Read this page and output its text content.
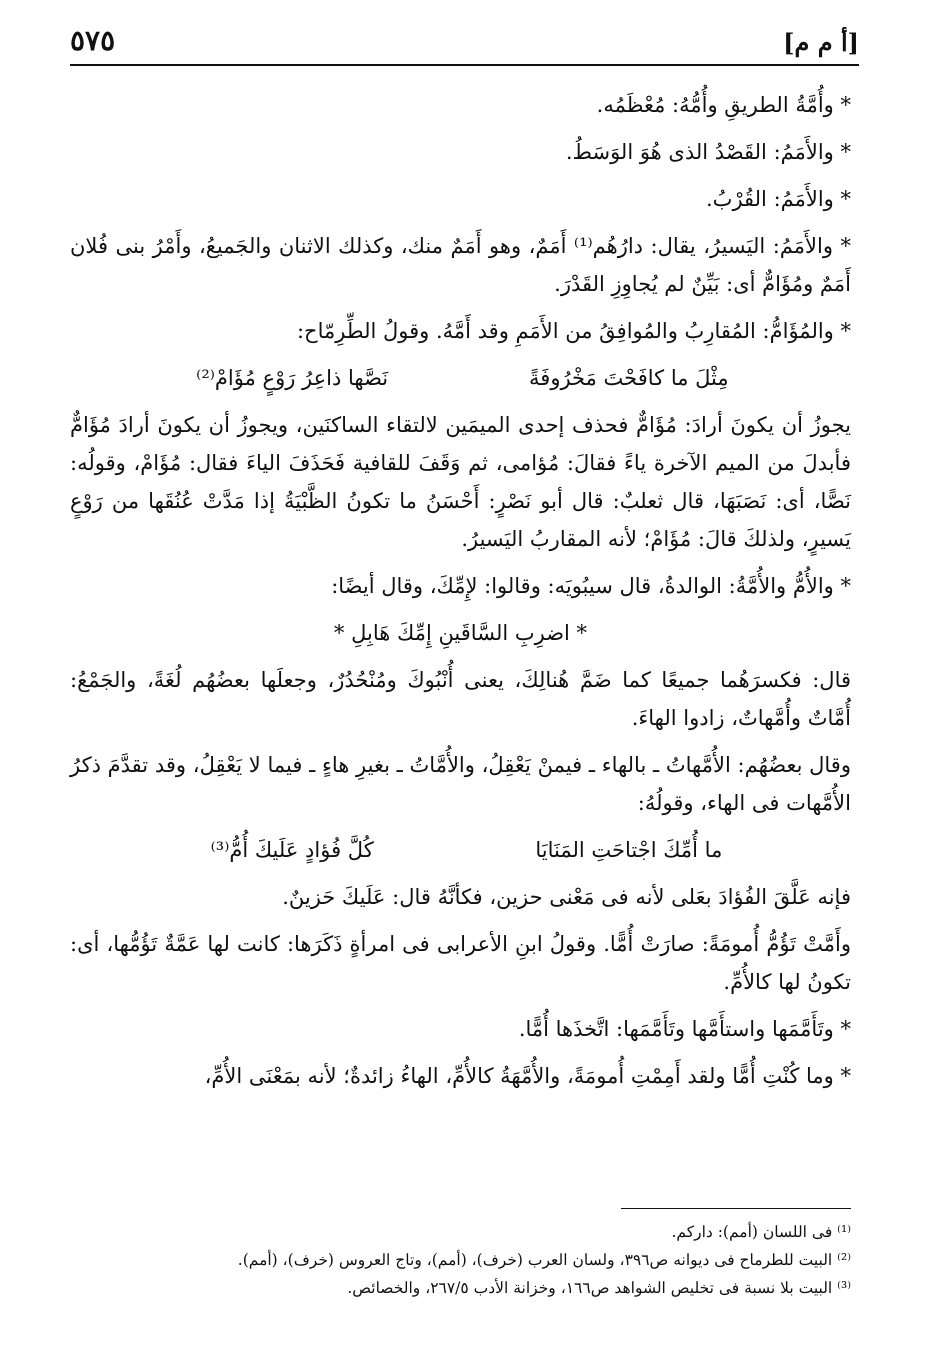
٥٧٥	[أ م م]

* وأُمَّةُ الطريقِ وأُمُّهُ: مُعْظَمُه.

* والأَمَمُ: القَصْدُ الذى هُوَ الوَسَطُ.

* والأَمَمُ: القُرْبُ.

* والأَمَمُ: اليَسيرُ، يقال: دارُهُم⁽¹⁾ أَمَمٌ، وهو أَمَمٌ منك، وكذلك الاثنان والجَميعُ، وأَمْرُ بنى فُلان أَمَمٌ ومُؤَامٌّ أى: بَيِّنٌ لم يُجاوِزِ القَدْرَ.

* والمُؤَامُّ: المُقارِبُ والمُوافِقُ من الأَمَمِ وقد أَمَّهُ. وقولُ الطِّرِمّاح:

مِثْلَ ما كافَحْتَ مَخْرُوفَةً نَصَّها ذاعِرُ رَوْعٍ مُؤَامْ⁽²⁾

يجوزُ أن يكونَ أرادَ: مُؤَامٌّ فحذف إحدى الميمَين لالتقاء الساكنَين، ويجوزُ أن يكونَ أرادَ مُؤَامٌّ فأبدلَ من الميم الآخرة ياءً فقالَ: مُؤامى، ثم وَقَفَ للقافية فَحَذَفَ الياءَ فقال: مُؤَامْ، وقولُه: نَصًّا، أى: نَصَبَهَا، قال ثعلبٌ: قال أبو نَصْرٍ: أَحْسَنُ ما تكونُ الظَّبْيَةُ إذا مَدَّتْ عُنُقَها من رَوْعٍ يَسيرٍ، ولذلكَ قالَ: مُؤَامْ؛ لأنه المقاربُ اليَسيرُ.

* والأُمُّ والأُمَّةُ: الوالدةُ، قال سيبُويَه: وقالوا: لإِمِّكَ، وقال أيضًا:

* اضرِبِ السَّاقَينِ إِمِّكَ هَابِلِ *

قال: فكسرَهُما جميعًا كما ضَمَّ هُنالِكَ، يعنى أُنْبُوكَ ومُنْحُدُرٌ، وجعلَها بعضُهُم لُغَةً، والجَمْعُ: أُمَّاتٌ وأُمَّهاتٌ، زادوا الهاءَ.

وقال بعضُهُم: الأُمَّهاتُ ـ بالهاء ـ فيمنْ يَعْقِلُ، والأُمَّاتُ ـ بغيرِ هاءٍ ـ فيما لا يَعْقِلُ، وقد تقدَّمَ ذكرُ الأُمَّهات فى الهاء، وقولُهُ:

ما أُمِّكَ اجْتاحَتِ المَنَايَا كُلَّ فُؤادٍ عَلَيكَ أُمُّ⁽³⁾

فإنه عَلَّقَ الفُؤادَ بعَلى لأنه فى مَعْنى حزين، فكأنَّهُ قال: عَلَيكَ حَزينٌ.

وأَمَّتْ تَؤُمُّ أُمومَةً: صارَتْ أُمًّا. وقولُ ابنِ الأعرابى فى امرأةٍ ذَكَرَها: كانت لها عَمَّةٌ تَؤُمُّها، أى: تكونُ لها كالأُمِّ.

* وتَأَمَّمَها واستأَمَّها وتَأَمَّمَها: اتَّخذَها أُمًّا.

* وما كُنْتِ أُمًّا ولقد أَمِمْتِ أُمومَةً، والأُمَّهَةُ كالأُمِّ، الهاءُ زائدةٌ؛ لأنه بمَعْنَى الأُمِّ،

⁽¹⁾ فى اللسان (أمم): داركم.
⁽²⁾ البيت للطرماح فى ديوانه ص٣٩٦، ولسان العرب (خرف)، (أمم)، وتاج العروس (خرف)، (أمم).
⁽³⁾ البيت بلا نسبة فى تخليص الشواهد ص١٦٦، وخزانة الأدب ٢٦٧/٥، والخصائص.
